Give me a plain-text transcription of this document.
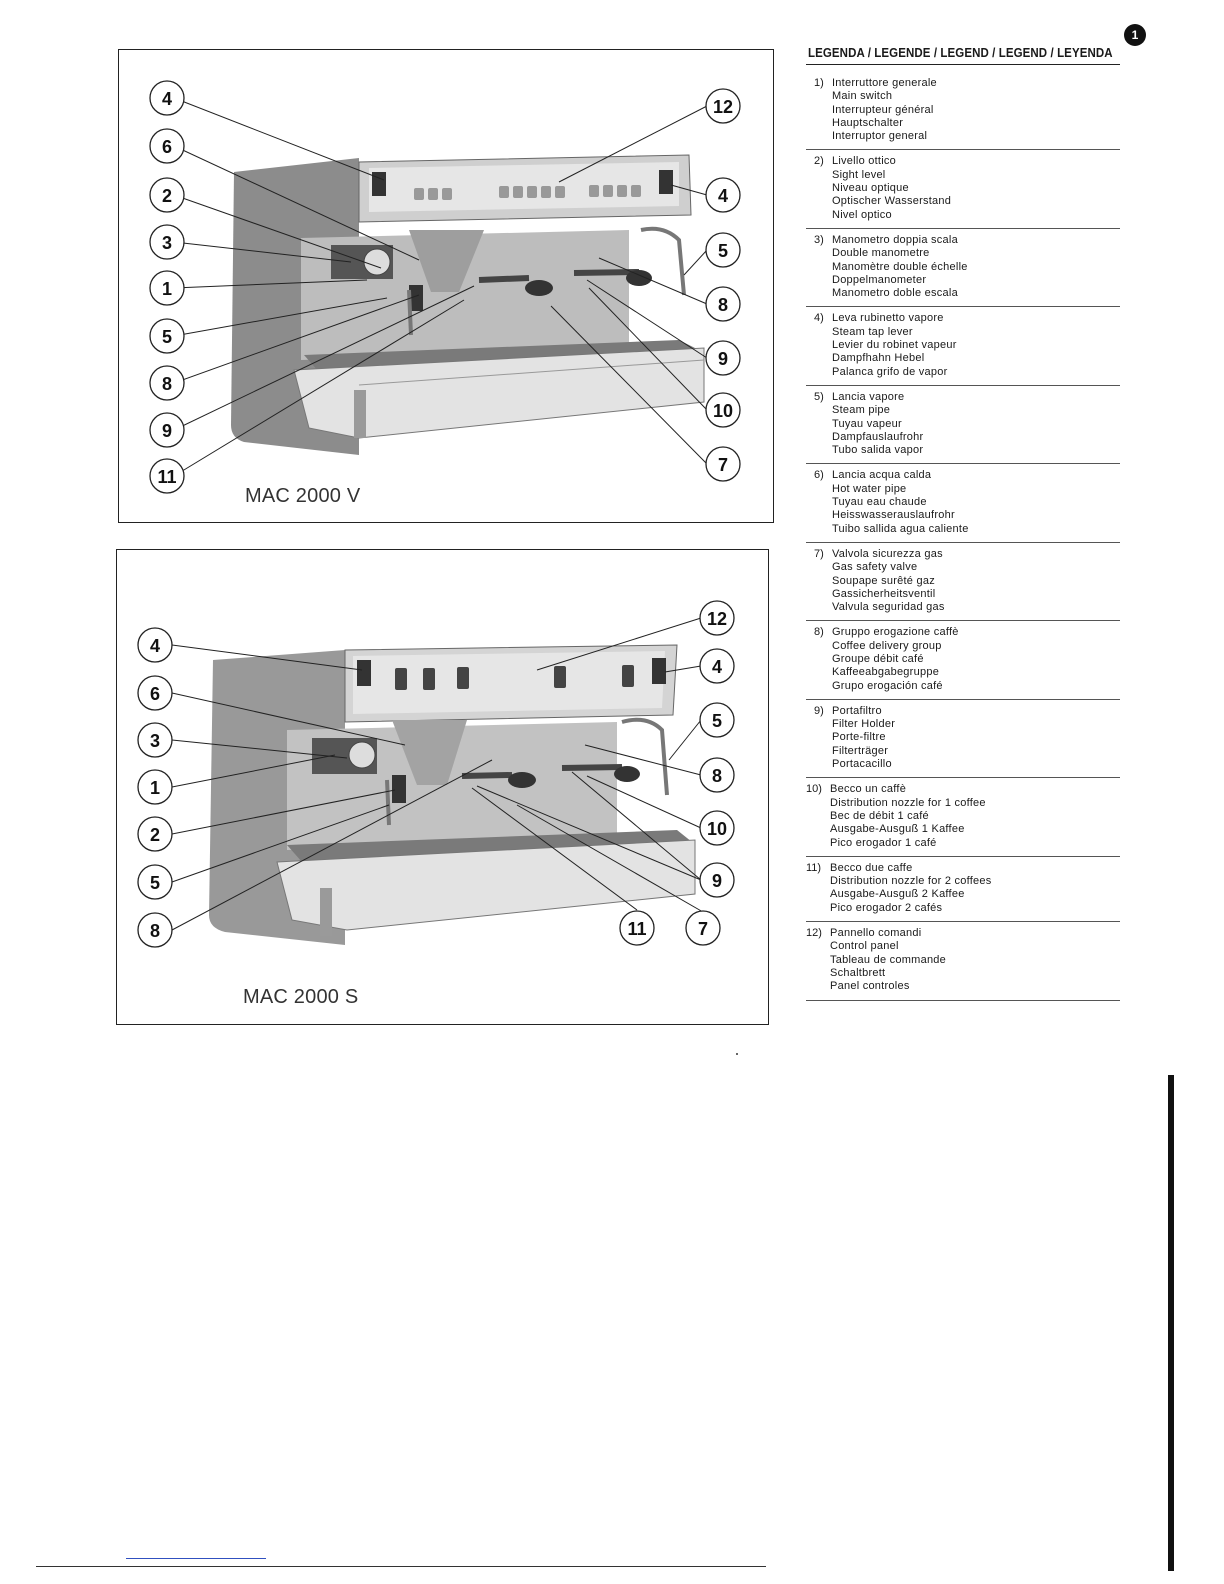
1
4
6
2
3
1
5
8
9
11
12
4
5
8
9
10
7
MAC 2000 V
4
6
3
1
2
5
8
12
4
5
8
10
9
11	7
MAC 2000 S
LEGENDA / LEGENDE / LEGEND / LEGEND / LEYENDA
1) Interruttore generale
Main switch
Interrupteur général
Hauptschalter
Interruptor general
2) Livello ottico
Sight level
Niveau optique
Optischer Wasserstand
Nivel optico
3) Manometro doppia scala
Double manometre
Manomètre double échelle
Doppelmanometer
Manometro doble escala
4) Leva rubinetto vapore
Steam tap lever
Levier du robinet vapeur
Dampfhahn Hebel
Palanca grifo de vapor
5) Lancia vapore
Steam pipe
Tuyau vapeur
Dampfauslaufrohr
Tubo salida vapor
6) Lancia acqua calda
Hot water pipe
Tuyau eau chaude
Heisswasserauslaufrohr
Tuibo sallida agua caliente
7) Valvola sicurezza gas
Gas safety valve
Soupape surêté gaz
Gassicherheitsventil
Valvula seguridad gas
8) Gruppo erogazione caffè
Coffee delivery group
Groupe débit café
Kaffeeabgabegruppe
Grupo erogación café
9) Portafiltro
Filter Holder
Porte-filtre
Filterträger
Portacacillo
10) Becco un caffè
Distribution nozzle for 1 coffee
Bec de débit 1 café
Ausgabe-Ausguß 1 Kaffee
Pico erogador 1 café
11) Becco due caffe
Distribution nozzle for 2 coffees
Ausgabe-Ausguß 2 Kaffee
Pico erogador 2 cafés
12) Pannello comandi
Control panel
Tableau de commande
Schaltbrett
Panel controles
